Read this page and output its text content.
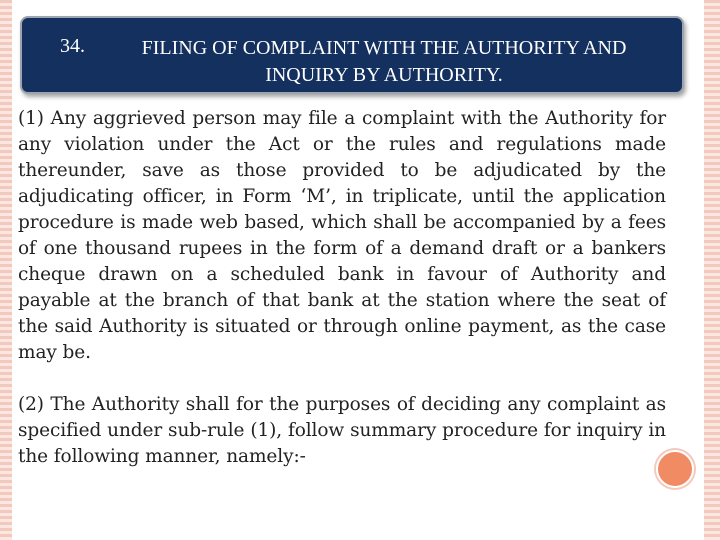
34.	FILING OF COMPLAINT WITH THE AUTHORITY AND INQUIRY BY AUTHORITY.

(1) Any aggrieved person may file a complaint with the Authority for any violation under the Act or the rules and regulations made thereunder, save as those provided to be adjudicated by the adjudicating officer, in Form ‘M’, in triplicate, until the application procedure is made web based, which shall be accompanied by a fees of one thousand rupees in the form of a demand draft or a bankers cheque drawn on a scheduled bank in favour of Authority and payable at the branch of that bank at the station where the seat of the said Authority is situated or through online payment, as the case may be.

(2) The Authority shall for the purposes of deciding any complaint as specified under sub-rule (1), follow summary procedure for inquiry in the following manner, namely:-
